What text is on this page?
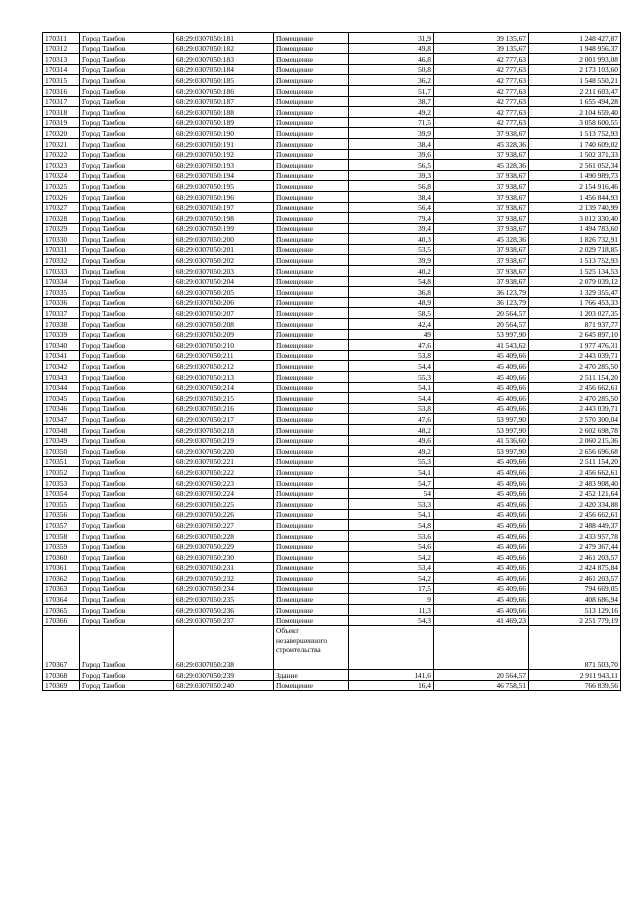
170311	Город Тамбов	68:29:0307050:181	Помещение	31,9	39 135,67	1 248 427,87
170312	Город Тамбов	68:29:0307050:182	Помещение	49,8	39 135,67	1 948 956,37
170313	Город Тамбов	68:29:0307050:183	Помещение	46,8	42 777,63	2 001 993,08
170314	Город Тамбов	68:29:0307050:184	Помещение	50,8	42 777,63	2 173 103,60
170315	Город Тамбов	68:29:0307050:185	Помещение	36,2	42 777,63	1 548 550,21
170316	Город Тамбов	68:29:0307050:186	Помещение	51,7	42 777,63	2 211 603,47
170317	Город Тамбов	68:29:0307050:187	Помещение	38,7	42 777,63	1 655 494,28
170318	Город Тамбов	68:29:0307050:188	Помещение	49,2	42 777,63	2 104 659,40
170319	Город Тамбов	68:29:0307050:189	Помещение	71,5	42 777,63	3 058 600,55
170320	Город Тамбов	68:29:0307050:190	Помещение	39,9	37 938,67	1 513 752,93
170321	Город Тамбов	68:29:0307050:191	Помещение	38,4	45 328,36	1 740 609,02
170322	Город Тамбов	68:29:0307050:192	Помещение	39,6	37 938,67	1 502 371,33
170323	Город Тамбов	68:29:0307050:193	Помещение	56,5	45 328,36	2 561 052,34
170324	Город Тамбов	68:29:0307050:194	Помещение	39,3	37 938,67	1 490 989,73
170325	Город Тамбов	68:29:0307050:195	Помещение	56,8	37 938,67	2 154 916,46
170326	Город Тамбов	68:29:0307050:196	Помещение	38,4	37 938,67	1 456 844,93
170327	Город Тамбов	68:29:0307050:197	Помещение	56,4	37 938,67	2 139 740,99
170328	Город Тамбов	68:29:0307050:198	Помещение	79,4	37 938,67	3 012 330,40
170329	Город Тамбов	68:29:0307050:199	Помещение	39,4	37 938,67	1 494 783,60
170330	Город Тамбов	68:29:0307050:200	Помещение	40,3	45 328,36	1 826 732,91
170331	Город Тамбов	68:29:0307050:201	Помещение	53,5	37 938,67	2 029 718,85
170332	Город Тамбов	68:29:0307050:202	Помещение	39,9	37 938,67	1 513 752,93
170333	Город Тамбов	68:29:0307050:203	Помещение	40,2	37 938,67	1 525 134,53
170334	Город Тамбов	68:29:0307050:204	Помещение	54,8	37 938,67	2 079 039,12
170335	Город Тамбов	68:29:0307050:205	Помещение	36,8	36 123,79	1 329 355,47
170336	Город Тамбов	68:29:0307050:206	Помещение	48,9	36 123,79	1 766 453,33
170337	Город Тамбов	68:29:0307050:207	Помещение	58,5	20 564,57	1 203 027,35
170338	Город Тамбов	68:29:0307050:208	Помещение	42,4	20 564,57	871 937,77
170339	Город Тамбов	68:29:0307050:209	Помещение	49	53 997,90	2 645 897,10
170340	Город Тамбов	68:29:0307050:210	Помещение	47,6	41 543,62	1 977 476,31
170341	Город Тамбов	68:29:0307050:211	Помещение	53,8	45 409,66	2 443 039,71
170342	Город Тамбов	68:29:0307050:212	Помещение	54,4	45 409,66	2 470 285,50
170343	Город Тамбов	68:29:0307050:213	Помещение	55,3	45 409,66	2 511 154,20
170344	Город Тамбов	68:29:0307050:214	Помещение	54,1	45 409,66	2 456 662,61
170345	Город Тамбов	68:29:0307050:215	Помещение	54,4	45 409,66	2 470 285,50
170346	Город Тамбов	68:29:0307050:216	Помещение	53,8	45 409,66	2 443 039,71
170347	Город Тамбов	68:29:0307050:217	Помещение	47,6	53 997,90	2 570 300,04
170348	Город Тамбов	68:29:0307050:218	Помещение	48,2	53 997,90	2 602 698,78
170349	Город Тамбов	68:29:0307050:219	Помещение	49,6	41 536,60	2 060 215,36
170350	Город Тамбов	68:29:0307050:220	Помещение	49,2	53 997,90	2 656 696,68
170351	Город Тамбов	68:29:0307050:221	Помещение	55,3	45 409,66	2 511 154,20
170352	Город Тамбов	68:29:0307050:222	Помещение	54,1	45 409,66	2 456 662,61
170353	Город Тамбов	68:29:0307050:223	Помещение	54,7	45 409,66	2 483 908,40
170354	Город Тамбов	68:29:0307050:224	Помещение	54	45 409,66	2 452 121,64
170355	Город Тамбов	68:29:0307050:225	Помещение	53,3	45 409,66	2 420 334,88
170356	Город Тамбов	68:29:0307050:226	Помещение	54,1	45 409,66	2 456 662,61
170357	Город Тамбов	68:29:0307050:227	Помещение	54,8	45 409,66	2 488 449,37
170358	Город Тамбов	68:29:0307050:228	Помещение	53,6	45 409,66	2 433 957,78
170359	Город Тамбов	68:29:0307050:229	Помещение	54,6	45 409,66	2 479 367,44
170360	Город Тамбов	68:29:0307050:230	Помещение	54,2	45 409,66	2 461 203,57
170361	Город Тамбов	68:29:0307050:231	Помещение	53,4	45 409,66	2 424 875,84
170362	Город Тамбов	68:29:0307050:232	Помещение	54,2	45 409,66	2 461 203,57
170363	Город Тамбов	68:29:0307050:234	Помещение	17,5	45 409,66	794 669,05
170364	Город Тамбов	68:29:0307050:235	Помещение	9	45 409,66	408 686,94
170365	Город Тамбов	68:29:0307050:236	Помещение	11,3	45 409,66	513 129,16
170366	Город Тамбов	68:29:0307050:237	Помещение	54,3	41 469,23	2 251 779,19
170367	Город Тамбов	68:29:0307050:238	Объект незавершенного строительства			871 503,70
170368	Город Тамбов	68:29:0307050:239	Здание	141,6	20 564,57	2 911 943,11
170369	Город Тамбов	68:29:0307050:240	Помещение	16,4	46 758,51	766 839,56
